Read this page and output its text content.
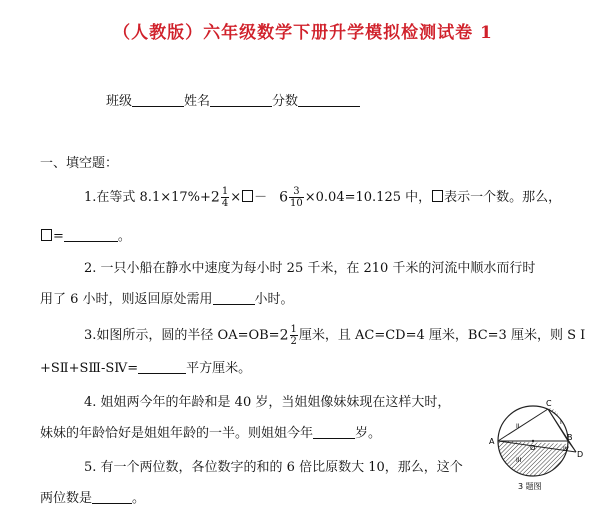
（人教版）六年级数学下册升学模拟检测试卷 1
班级	姓名	分数
一、填空题：
1.在等式 $8.1\times 17\%+2 \frac{1}{4}$ × － $6 \frac{3}{10} \times 0.04=10.125$ 中， 表示一个数。那么，
=	。
2. 一只小船在静水中速度为每小时 25 千米，在 210 千米的河流中顺水而行时
用了 6 小时，则返回原处需用	小时。
3.如图所示，圆的半径 $OA=OB=2 \frac{1}{2}$ 厘米，且 AC=CD=4 厘米，BC=3 厘米，则 S I
+SⅡ+SⅢ-SⅣ=	平方厘米。
4. 姐姐两今年的年龄和是 40 岁，当姐姐像妹妹现在这样大时，
妹妹的年龄恰好是姐姐年龄的一半。则姐姐今年	岁。
5. 有一个两位数，各位数字的和的 6 倍比原数大 10，那么，这个
两位数是	。
A	B
C
D
O
I
II
III
IV
3 题图
